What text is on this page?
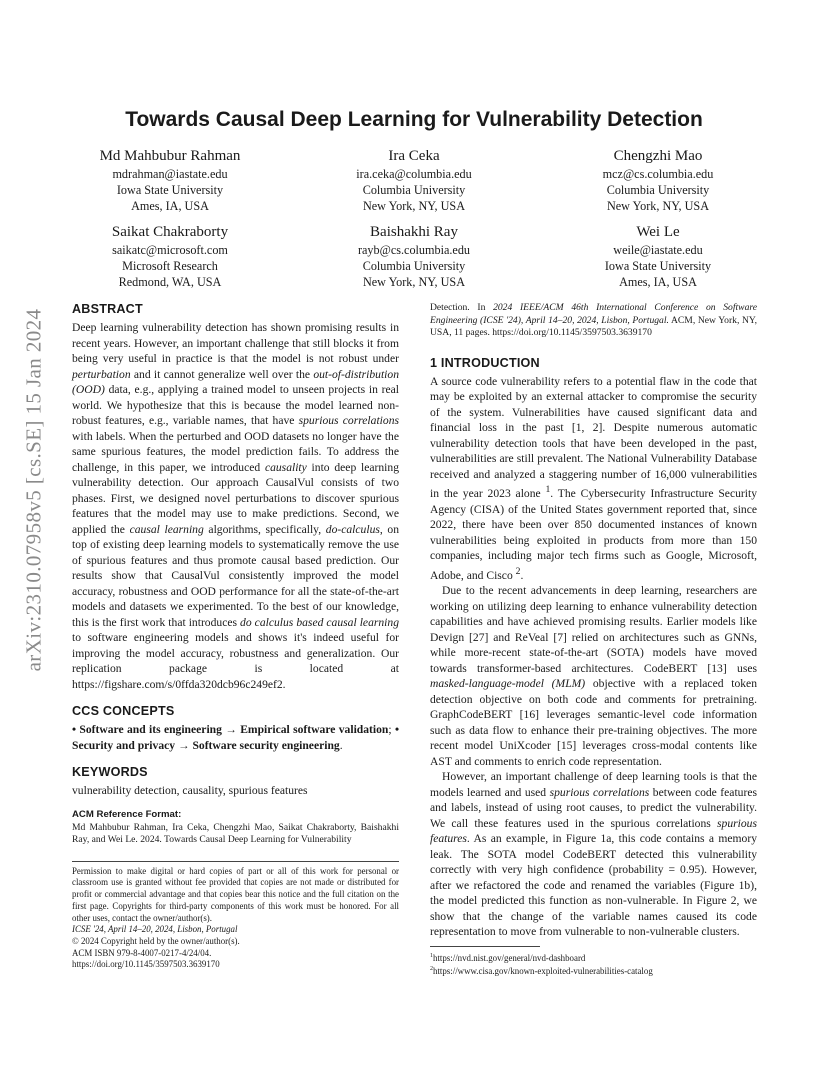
arXiv:2310.07958v5 [cs.SE] 15 Jan 2024
Towards Causal Deep Learning for Vulnerability Detection
Md Mahbubur Rahman
mdrahman@iastate.edu
Iowa State University
Ames, IA, USA
Ira Ceka
ira.ceka@columbia.edu
Columbia University
New York, NY, USA
Chengzhi Mao
mcz@cs.columbia.edu
Columbia University
New York, NY, USA
Saikat Chakraborty
saikatc@microsoft.com
Microsoft Research
Redmond, WA, USA
Baishakhi Ray
rayb@cs.columbia.edu
Columbia University
New York, NY, USA
Wei Le
weile@iastate.edu
Iowa State University
Ames, IA, USA
ABSTRACT

Deep learning vulnerability detection has shown promising results in recent years. However, an important challenge that still blocks it from being very useful in practice is that the model is not robust under perturbation and it cannot generalize well over the out-of-distribution (OOD) data, e.g., applying a trained model to unseen projects in real world. We hypothesize that this is because the model learned non-robust features, e.g., variable names, that have spurious correlations with labels. When the perturbed and OOD datasets no longer have the same spurious features, the model prediction fails. To address the challenge, in this paper, we introduced causality into deep learning vulnerability detection. Our approach CausalVul consists of two phases. First, we designed novel perturbations to discover spurious features that the model may use to make predictions. Second, we applied the causal learning algorithms, specifically, do-calculus, on top of existing deep learning models to systematically remove the use of spurious features and thus promote causal based prediction. Our results show that CausalVul consistently improved the model accuracy, robustness and OOD performance for all the state-of-the-art models and datasets we experimented. To the best of our knowledge, this is the first work that introduces do calculus based causal learning to software engineering models and shows it's indeed useful for improving the model accuracy, robustness and generalization. Our replication package is located at https://figshare.com/s/0ffda320dcb96c249ef2.

CCS CONCEPTS

• Software and its engineering → Empirical software validation; • Security and privacy → Software security engineering.

KEYWORDS

vulnerability detection, causality, spurious features

ACM Reference Format:

Md Mahbubur Rahman, Ira Ceka, Chengzhi Mao, Saikat Chakraborty, Baishakhi Ray, and Wei Le. 2024. Towards Causal Deep Learning for Vulnerability

Permission to make digital or hard copies of part or all of this work for personal or classroom use is granted without fee provided that copies are not made or distributed for profit or commercial advantage and that copies bear this notice and the full citation on the first page. Copyrights for third-party components of this work must be honored. For all other uses, contact the owner/author(s).

ICSE '24, April 14–20, 2024, Lisbon, Portugal

© 2024 Copyright held by the owner/author(s).

ACM ISBN 979-8-4007-0217-4/24/04.

https://doi.org/10.1145/3597503.3639170

Detection. In 2024 IEEE/ACM 46th International Conference on Software Engineering (ICSE '24), April 14–20, 2024, Lisbon, Portugal. ACM, New York, NY, USA, 11 pages. https://doi.org/10.1145/3597503.3639170

1 INTRODUCTION

A source code vulnerability refers to a potential flaw in the code that may be exploited by an external attacker to compromise the security of the system. Vulnerabilities have caused significant data and financial loss in the past [1, 2]. Despite numerous automatic vulnerability detection tools that have been developed in the past, vulnerabilities are still prevalent. The National Vulnerability Database received and analyzed a staggering number of 16,000 vulnerabilities in the year 2023 alone $^1$. The Cybersecurity Infrastructure Security Agency (CISA) of the United States government reported that, since 2022, there have been over 850 documented instances of known vulnerabilities being exploited in products from more than 150 companies, including major tech firms such as Google, Microsoft, Adobe, and Cisco $^2$.

Due to the recent advancements in deep learning, researchers are working on utilizing deep learning to enhance vulnerability detection capabilities and have achieved promising results. Earlier models like Devign [27] and ReVeal [7] relied on architectures such as GNNs, while more-recent state-of-the-art (SOTA) models have moved towards transformer-based architectures. CodeBERT [13] uses masked-language-model (MLM) objective with a replaced token detection objective on both code and comments for pretraining. GraphCodeBERT [16] leverages semantic-level code information such as data flow to enhance their pre-training objectives. The more recent model UniXcoder [15] leverages cross-modal contents like AST and comments to enrich code representation.

However, an important challenge of deep learning tools is that the models learned and used spurious correlations between code features and labels, instead of using root causes, to predict the vulnerability. We call these features used in the spurious correlations spurious features. As an example, in Figure 1a, this code contains a memory leak. The SOTA model CodeBERT detected this vulnerability correctly with very high confidence (probability = 0.95). However, after we refactored the code and renamed the variables (Figure 1b), the model predicted this function as non-vulnerable. In Figure 2, we show that the change of the variable names caused its code representation to move from vulnerable to non-vulnerable clusters.

$^1$https://nvd.nist.gov/general/nvd-dashboard

$^2$https://www.cisa.gov/known-exploited-vulnerabilities-catalog
